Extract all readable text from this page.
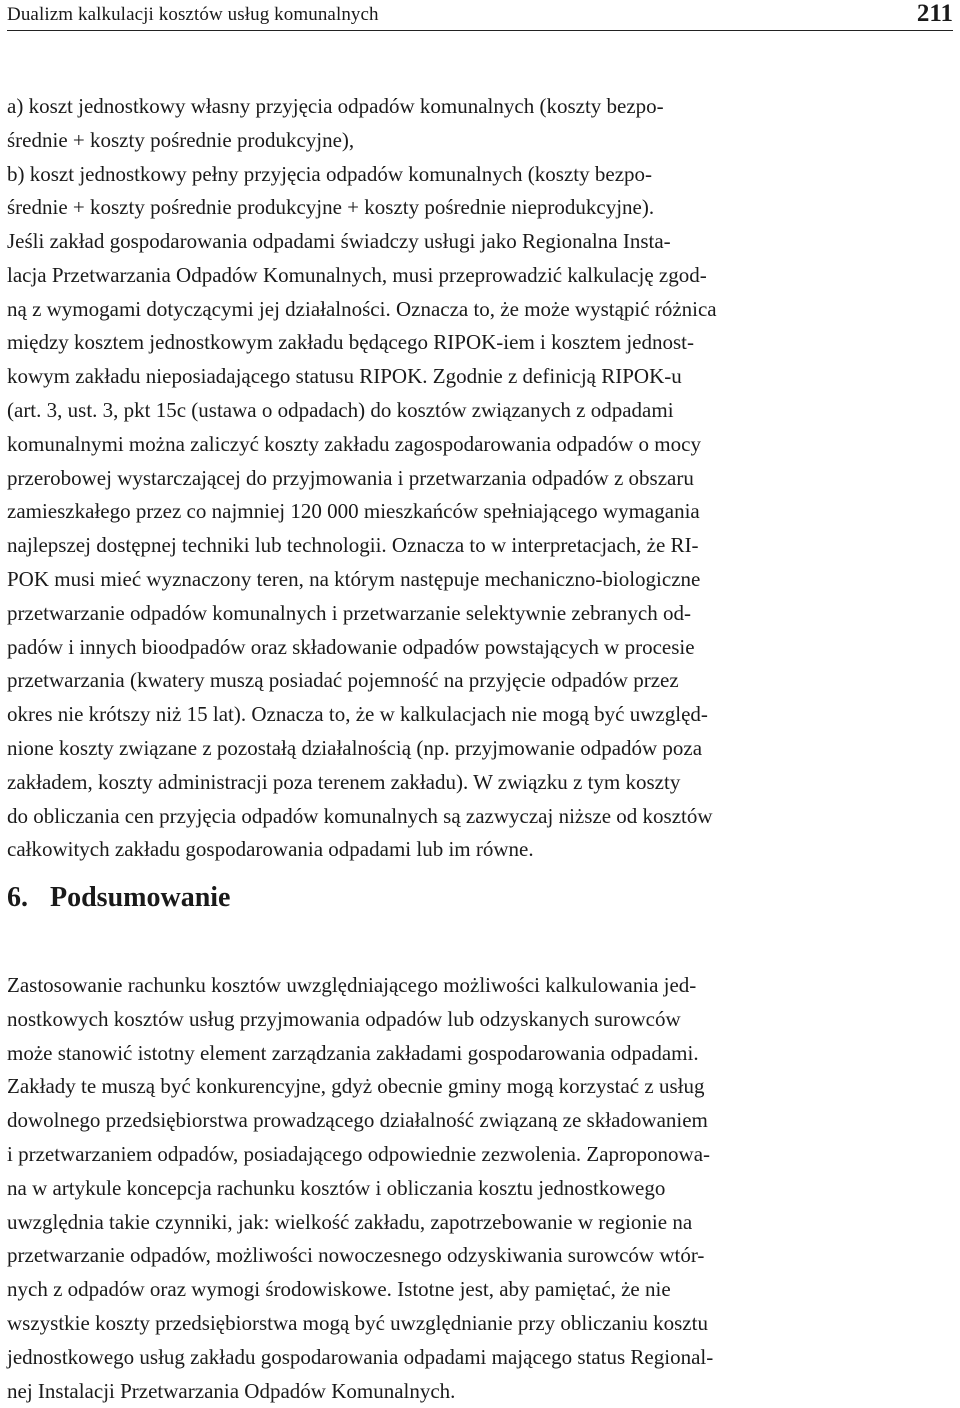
Dualizm kalkulacji kosztów usług komunalnych	211

a) koszt jednostkowy własny przyjęcia odpadów komunalnych (koszty bezpo-
średnie + koszty pośrednie produkcyjne),
b) koszt jednostkowy pełny przyjęcia odpadów komunalnych (koszty bezpo-
średnie + koszty pośrednie produkcyjne + koszty pośrednie nieprodukcyjne).

Jeśli zakład gospodarowania odpadami świadczy usługi jako Regionalna Insta-
lacja Przetwarzania Odpadów Komunalnych, musi przeprowadzić kalkulację zgod-
ną z wymogami dotyczącymi jej działalności. Oznacza to, że może wystąpić różnica
między kosztem jednostkowym zakładu będącego RIPOK-iem i kosztem jednost-
kowym zakładu nieposiadającego statusu RIPOK. Zgodnie z definicją RIPOK-u
(art. 3, ust. 3, pkt 15c (ustawa o odpadach) do kosztów związanych z odpadami
komunalnymi można zaliczyć koszty zakładu zagospodarowania odpadów o mocy
przerobowej wystarczającej do przyjmowania i przetwarzania odpadów z obszaru
zamieszkałego przez co najmniej 120 000 mieszkańców spełniającego wymagania
najlepszej dostępnej techniki lub technologii. Oznacza to w interpretacjach, że RI-
POK musi mieć wyznaczony teren, na którym następuje mechaniczno-biologiczne
przetwarzanie odpadów komunalnych i przetwarzanie selektywnie zebranych od-
padów i innych bioodpadów oraz składowanie odpadów powstających w procesie
przetwarzania (kwatery muszą posiadać pojemność na przyjęcie odpadów przez
okres nie krótszy niż 15 lat). Oznacza to, że w kalkulacjach nie mogą być uwzględ-
nione koszty związane z pozostałą działalnością (np. przyjmowanie odpadów poza
zakładem, koszty administracji poza terenem zakładu). W związku z tym koszty
do obliczania cen przyjęcia odpadów komunalnych są zazwyczaj niższe od kosztów
całkowitych zakładu gospodarowania odpadami lub im równe.

6. Podsumowanie

Zastosowanie rachunku kosztów uwzględniającego możliwości kalkulowania jed-
nostkowych kosztów usług przyjmowania odpadów lub odzyskanych surowców
może stanowić istotny element zarządzania zakładami gospodarowania odpadami.
Zakłady te muszą być konkurencyjne, gdyż obecnie gminy mogą korzystać z usług
dowolnego przedsiębiorstwa prowadzącego działalność związaną ze składowaniem
i przetwarzaniem odpadów, posiadającego odpowiednie zezwolenia. Zaproponowa-
na w artykule koncepcja rachunku kosztów i obliczania kosztu jednostkowego
uwzględnia takie czynniki, jak: wielkość zakładu, zapotrzebowanie w regionie na
przetwarzanie odpadów, możliwości nowoczesnego odzyskiwania surowców wtór-
nych z odpadów oraz wymogi środowiskowe. Istotne jest, aby pamiętać, że nie
wszystkie koszty przedsiębiorstwa mogą być uwzględnianie przy obliczaniu kosztu
jednostkowego usług zakładu gospodarowania odpadami mającego status Regional-
nej Instalacji Przetwarzania Odpadów Komunalnych.
